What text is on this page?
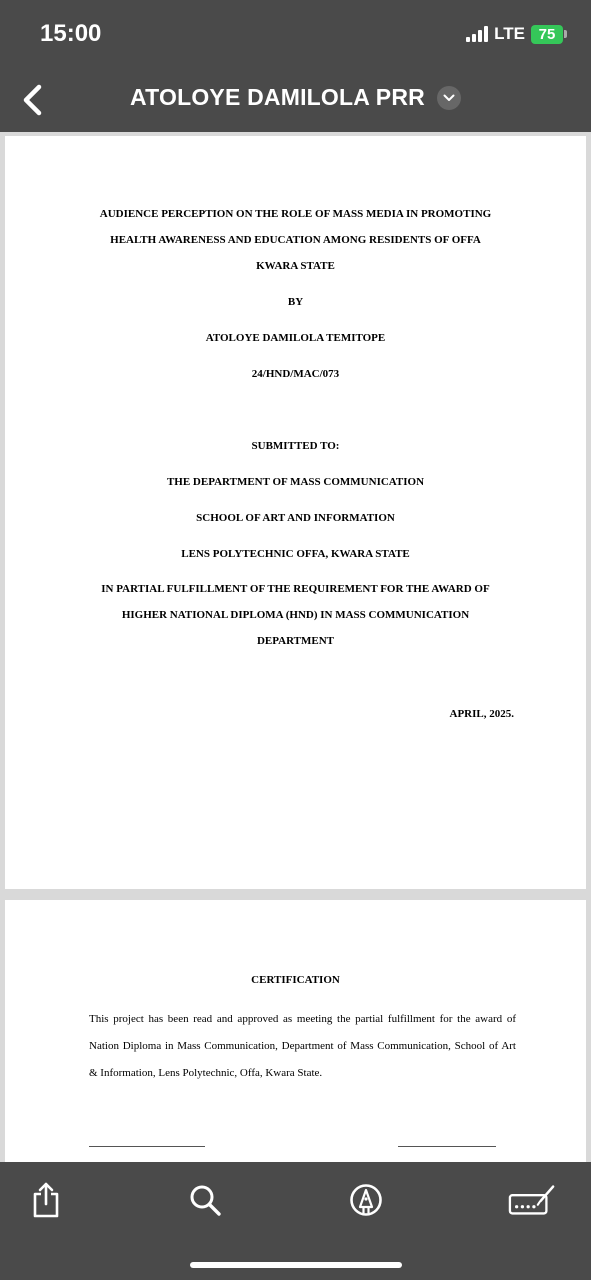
15:00	LTE 75
ATOLOYE DAMILOLA PRR
AUDIENCE PERCEPTION ON THE ROLE OF MASS MEDIA IN PROMOTING
HEALTH AWARENESS AND EDUCATION AMONG RESIDENTS OF OFFA
KWARA STATE
BY
ATOLOYE DAMILOLA TEMITOPE
24/HND/MAC/073
SUBMITTED TO:
THE DEPARTMENT OF MASS COMMUNICATION
SCHOOL OF ART AND INFORMATION
LENS POLYTECHNIC OFFA, KWARA STATE
IN PARTIAL FULFILLMENT OF THE REQUIREMENT FOR THE AWARD OF
HIGHER NATIONAL DIPLOMA (HND) IN MASS COMMUNICATION
DEPARTMENT
APRIL, 2025.
CERTIFICATION
This project has been read and approved as meeting the partial fulfillment for the award of Nation Diploma in Mass Communication, Department of Mass Communication, School of Art & Information, Lens Polytechnic, Offa, Kwara State.
